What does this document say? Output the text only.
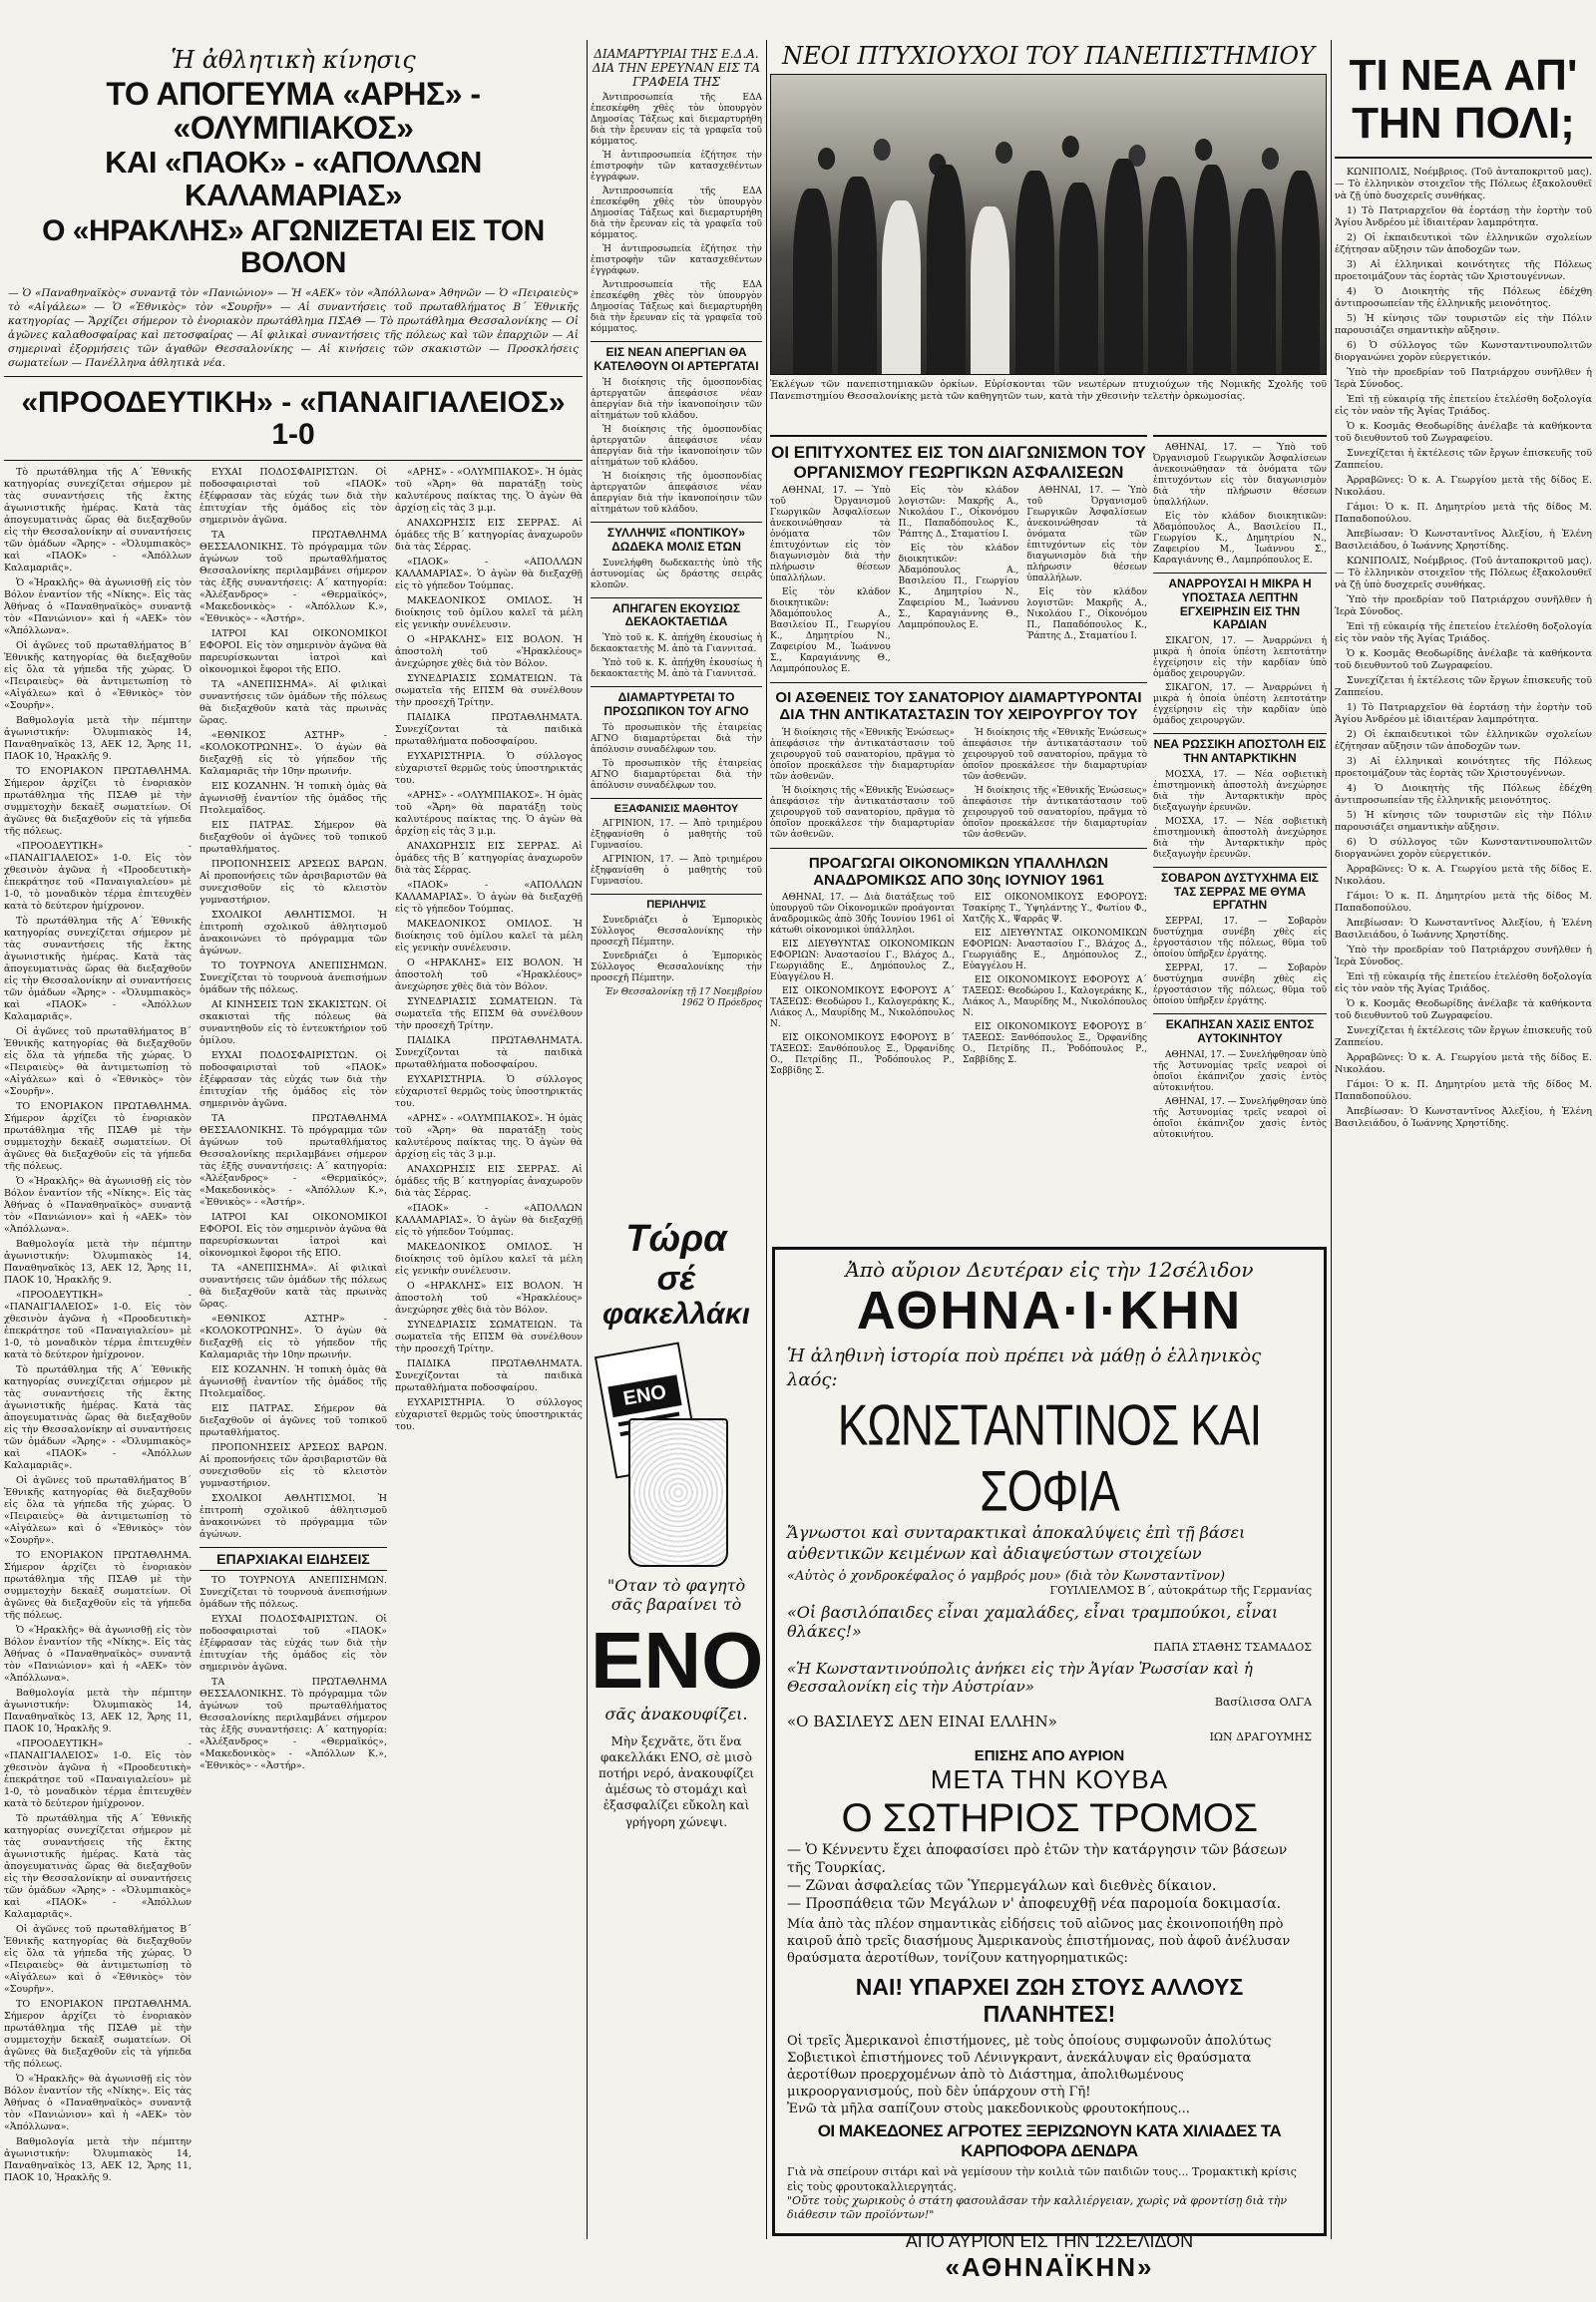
Ἡ ἀθλητικὴ κίνησις
ΤΟ ΑΠΟΓΕΥΜΑ «ΑΡΗΣ» - «ΟΛΥΜΠΙΑΚΟΣ»
ΚΑΙ «ΠΑΟΚ» - «ΑΠΟΛΛΩΝ ΚΑΛΑΜΑΡΙΑΣ»
Ο «ΗΡΑΚΛΗΣ» ΑΓΩΝΙΖΕΤΑΙ ΕΙΣ ΤΟΝ ΒΟΛΟΝ
— Ὁ «Παναθηναϊκὸς» συναντᾷ τὸν «Πανιώνιον» — Ἡ «ΑΕΚ» τὸν «Ἀπόλλωνα» Ἀθηνῶν — Ὁ «Πειραιεὺς» τὸ «Αἰγάλεω» — Ὁ «Ἐθνικὸς» τὸν «Σουρῆν» — Αἱ συναντήσεις τοῦ πρωταθλήματος Β΄ Ἐθνικῆς κατηγορίας — Ἄρχίζει σήμερον τὸ ἐνοριακὸν πρωτάθλημα ΠΣΑΘ — Τὸ πρωτάθλημα Θεσσαλονίκης — Οἱ ἀγῶνες καλαθοσφαίρας καὶ πετοσφαίρας — Αἱ φιλικαὶ συναντήσεις τῆς πόλεως καὶ τῶν ἐπαρχιῶν — Αἱ σημεριναὶ ἐξορμήσεις τῶν ἀγαθῶν Θεσσαλονίκης — Αἱ κινήσεις τῶν σκακιστῶν — Προσκλήσεις σωματείων — Πανέλληνα ἀθλητικὰ νέα.
«ΠΡΟΟΔΕΥΤΙΚΗ» - «ΠΑΝΑΙΓΙΑΛΕΙΟΣ» 1-0

Τὸ πρωτάθλημα τῆς Α΄ Ἐθνικῆς κατηγορίας συνεχίζεται σήμερον μὲ τὰς συναντήσεις τῆς ἕκτης ἀγωνιστικῆς ἡμέρας. Κατὰ τὰς ἀπογευματινὰς ὥρας θὰ διεξαχθοῦν εἰς τὴν Θεσσαλονίκην αἱ συναντήσεις τῶν ὁμάδων «Ἄρης» - «Ὀλυμπιακὸς» καὶ «ΠΑΟΚ» - «Ἀπόλλων Καλαμαριᾶς».

Ὁ «Ἡρακλῆς» θὰ ἀγωνισθῇ εἰς τὸν Βόλον ἐναντίον τῆς «Νίκης». Εἰς τὰς Ἀθήνας ὁ «Παναθηναϊκὸς» συναντᾷ τὸν «Πανιώνιον» καὶ ἡ «ΑΕΚ» τὸν «Ἀπόλλωνα».

Οἱ ἀγῶνες τοῦ πρωταθλήματος Β΄ Ἐθνικῆς κατηγορίας θὰ διεξαχθοῦν εἰς ὅλα τὰ γήπεδα τῆς χώρας. Ὁ «Πειραιεὺς» θὰ ἀντιμετωπίσῃ τὸ «Αἰγάλεω» καὶ ὁ «Ἐθνικὸς» τὸν «Σουρῆν».

Βαθμολογία μετὰ τὴν πέμπτην ἀγωνιστικήν: Ὀλυμπιακὸς 14, Παναθηναϊκὸς 13, ΑΕΚ 12, Ἄρης 11, ΠΑΟΚ 10, Ἡρακλῆς 9.

ΤΟ ΕΝΟΡΙΑΚΟΝ ΠΡΩΤΑΘΛΗΜΑ. Σήμερον ἀρχίζει τὸ ἐνοριακὸν πρωτάθλημα τῆς ΠΣΑΘ μὲ τὴν συμμετοχὴν δεκαὲξ σωματείων. Οἱ ἀγῶνες θὰ διεξαχθοῦν εἰς τὰ γήπεδα τῆς πόλεως.

«ΠΡΟΟΔΕΥΤΙΚΗ» - «ΠΑΝΑΙΓΙΑΛΕΙΟΣ» 1-0. Εἰς τὸν χθεσινὸν ἀγῶνα ἡ «Προοδευτικὴ» ἐπεκράτησε τοῦ «Παναιγιαλείου» μὲ 1-0, τὸ μοναδικὸν τέρμα ἐπιτευχθὲν κατὰ τὸ δεύτερον ἡμίχρονον.

Τὸ πρωτάθλημα τῆς Α΄ Ἐθνικῆς κατηγορίας συνεχίζεται σήμερον μὲ τὰς συναντήσεις τῆς ἕκτης ἀγωνιστικῆς ἡμέρας. Κατὰ τὰς ἀπογευματινὰς ὥρας θὰ διεξαχθοῦν εἰς τὴν Θεσσαλονίκην αἱ συναντήσεις τῶν ὁμάδων «Ἄρης» - «Ὀλυμπιακὸς» καὶ «ΠΑΟΚ» - «Ἀπόλλων Καλαμαριᾶς».

Οἱ ἀγῶνες τοῦ πρωταθλήματος Β΄ Ἐθνικῆς κατηγορίας θὰ διεξαχθοῦν εἰς ὅλα τὰ γήπεδα τῆς χώρας. Ὁ «Πειραιεὺς» θὰ ἀντιμετωπίσῃ τὸ «Αἰγάλεω» καὶ ὁ «Ἐθνικὸς» τὸν «Σουρῆν».

ΤΟ ΕΝΟΡΙΑΚΟΝ ΠΡΩΤΑΘΛΗΜΑ. Σήμερον ἀρχίζει τὸ ἐνοριακὸν πρωτάθλημα τῆς ΠΣΑΘ μὲ τὴν συμμετοχὴν δεκαὲξ σωματείων. Οἱ ἀγῶνες θὰ διεξαχθοῦν εἰς τὰ γήπεδα τῆς πόλεως.

Ὁ «Ἡρακλῆς» θὰ ἀγωνισθῇ εἰς τὸν Βόλον ἐναντίον τῆς «Νίκης». Εἰς τὰς Ἀθήνας ὁ «Παναθηναϊκὸς» συναντᾷ τὸν «Πανιώνιον» καὶ ἡ «ΑΕΚ» τὸν «Ἀπόλλωνα».

Βαθμολογία μετὰ τὴν πέμπτην ἀγωνιστικήν: Ὀλυμπιακὸς 14, Παναθηναϊκὸς 13, ΑΕΚ 12, Ἄρης 11, ΠΑΟΚ 10, Ἡρακλῆς 9.

«ΠΡΟΟΔΕΥΤΙΚΗ» - «ΠΑΝΑΙΓΙΑΛΕΙΟΣ» 1-0. Εἰς τὸν χθεσινὸν ἀγῶνα ἡ «Προοδευτικὴ» ἐπεκράτησε τοῦ «Παναιγιαλείου» μὲ 1-0, τὸ μοναδικὸν τέρμα ἐπιτευχθὲν κατὰ τὸ δεύτερον ἡμίχρονον.

Τὸ πρωτάθλημα τῆς Α΄ Ἐθνικῆς κατηγορίας συνεχίζεται σήμερον μὲ τὰς συναντήσεις τῆς ἕκτης ἀγωνιστικῆς ἡμέρας. Κατὰ τὰς ἀπογευματινὰς ὥρας θὰ διεξαχθοῦν εἰς τὴν Θεσσαλονίκην αἱ συναντήσεις τῶν ὁμάδων «Ἄρης» - «Ὀλυμπιακὸς» καὶ «ΠΑΟΚ» - «Ἀπόλλων Καλαμαριᾶς».

Οἱ ἀγῶνες τοῦ πρωταθλήματος Β΄ Ἐθνικῆς κατηγορίας θὰ διεξαχθοῦν εἰς ὅλα τὰ γήπεδα τῆς χώρας. Ὁ «Πειραιεὺς» θὰ ἀντιμετωπίσῃ τὸ «Αἰγάλεω» καὶ ὁ «Ἐθνικὸς» τὸν «Σουρῆν».

ΤΟ ΕΝΟΡΙΑΚΟΝ ΠΡΩΤΑΘΛΗΜΑ. Σήμερον ἀρχίζει τὸ ἐνοριακὸν πρωτάθλημα τῆς ΠΣΑΘ μὲ τὴν συμμετοχὴν δεκαὲξ σωματείων. Οἱ ἀγῶνες θὰ διεξαχθοῦν εἰς τὰ γήπεδα τῆς πόλεως.

Ὁ «Ἡρακλῆς» θὰ ἀγωνισθῇ εἰς τὸν Βόλον ἐναντίον τῆς «Νίκης». Εἰς τὰς Ἀθήνας ὁ «Παναθηναϊκὸς» συναντᾷ τὸν «Πανιώνιον» καὶ ἡ «ΑΕΚ» τὸν «Ἀπόλλωνα».

Βαθμολογία μετὰ τὴν πέμπτην ἀγωνιστικήν: Ὀλυμπιακὸς 14, Παναθηναϊκὸς 13, ΑΕΚ 12, Ἄρης 11, ΠΑΟΚ 10, Ἡρακλῆς 9.

«ΠΡΟΟΔΕΥΤΙΚΗ» - «ΠΑΝΑΙΓΙΑΛΕΙΟΣ» 1-0. Εἰς τὸν χθεσινὸν ἀγῶνα ἡ «Προοδευτικὴ» ἐπεκράτησε τοῦ «Παναιγιαλείου» μὲ 1-0, τὸ μοναδικὸν τέρμα ἐπιτευχθὲν κατὰ τὸ δεύτερον ἡμίχρονον.

Τὸ πρωτάθλημα τῆς Α΄ Ἐθνικῆς κατηγορίας συνεχίζεται σήμερον μὲ τὰς συναντήσεις τῆς ἕκτης ἀγωνιστικῆς ἡμέρας. Κατὰ τὰς ἀπογευματινὰς ὥρας θὰ διεξαχθοῦν εἰς τὴν Θεσσαλονίκην αἱ συναντήσεις τῶν ὁμάδων «Ἄρης» - «Ὀλυμπιακὸς» καὶ «ΠΑΟΚ» - «Ἀπόλλων Καλαμαριᾶς».

Οἱ ἀγῶνες τοῦ πρωταθλήματος Β΄ Ἐθνικῆς κατηγορίας θὰ διεξαχθοῦν εἰς ὅλα τὰ γήπεδα τῆς χώρας. Ὁ «Πειραιεὺς» θὰ ἀντιμετωπίσῃ τὸ «Αἰγάλεω» καὶ ὁ «Ἐθνικὸς» τὸν «Σουρῆν».

ΤΟ ΕΝΟΡΙΑΚΟΝ ΠΡΩΤΑΘΛΗΜΑ. Σήμερον ἀρχίζει τὸ ἐνοριακὸν πρωτάθλημα τῆς ΠΣΑΘ μὲ τὴν συμμετοχὴν δεκαὲξ σωματείων. Οἱ ἀγῶνες θὰ διεξαχθοῦν εἰς τὰ γήπεδα τῆς πόλεως.

Ὁ «Ἡρακλῆς» θὰ ἀγωνισθῇ εἰς τὸν Βόλον ἐναντίον τῆς «Νίκης». Εἰς τὰς Ἀθήνας ὁ «Παναθηναϊκὸς» συναντᾷ τὸν «Πανιώνιον» καὶ ἡ «ΑΕΚ» τὸν «Ἀπόλλωνα».

Βαθμολογία μετὰ τὴν πέμπτην ἀγωνιστικήν: Ὀλυμπιακὸς 14, Παναθηναϊκὸς 13, ΑΕΚ 12, Ἄρης 11, ΠΑΟΚ 10, Ἡρακλῆς 9.

ΕΥΧΑΙ ΠΟΔΟΣΦΑΙΡΙΣΤΩΝ. Οἱ ποδοσφαιρισταὶ τοῦ «ΠΑΟΚ» ἐξέφρασαν τὰς εὐχάς των διὰ τὴν ἐπιτυχίαν τῆς ὁμάδος εἰς τὸν σημερινὸν ἀγῶνα.

ΤΑ ΠΡΩΤΑΘΛΗΜΑ ΘΕΣΣΑΛΟΝΙΚΗΣ. Τὸ πρόγραμμα τῶν ἀγώνων τοῦ πρωταθλήματος Θεσσαλονίκης περιλαμβάνει σήμερον τὰς ἑξῆς συναντήσεις: Α΄ κατηγορία: «Ἀλέξανδρος» - «Θερμαϊκός», «Μακεδονικὸς» - «Ἀπόλλων Κ.», «Ἐθνικὸς» - «Ἀστήρ».

ΙΑΤΡΟΙ ΚΑΙ ΟΙΚΟΝΟΜΙΚΟΙ ΕΦΟΡΟΙ. Εἰς τὸν σημερινὸν ἀγῶνα θὰ παρευρίσκωνται ἰατροὶ καὶ οἰκονομικοὶ ἔφοροι τῆς ΕΠΟ.

ΤΑ «ΑΝΕΠΙΣΗΜΑ». Αἱ φιλικαὶ συναντήσεις τῶν ὁμάδων τῆς πόλεως θὰ διεξαχθοῦν κατὰ τὰς πρωινὰς ὥρας.

«ΕΘΝΙΚΟΣ ΑΣΤΗΡ» - «ΚΟΛΟΚΟΤΡΩΝΗΣ». Ὁ ἀγὼν θὰ διεξαχθῇ εἰς τὸ γήπεδον τῆς Καλαμαριᾶς τὴν 10ην πρωινήν.

ΕΙΣ ΚΟΖΑΝΗΝ. Ἡ τοπικὴ ὁμὰς θὰ ἀγωνισθῇ ἐναντίον τῆς ὁμάδος τῆς Πτολεμαΐδος.

ΕΙΣ ΠΑΤΡΑΣ. Σήμερον θὰ διεξαχθοῦν οἱ ἀγῶνες τοῦ τοπικοῦ πρωταθλήματος.

ΠΡΟΠΟΝΗΣΕΙΣ ΑΡΣΕΩΣ ΒΑΡΩΝ. Αἱ προπονήσεις τῶν ἀρσιβαριστῶν θὰ συνεχισθοῦν εἰς τὸ κλειστὸν γυμναστήριον.

ΣΧΟΛΙΚΟΙ ΑΘΛΗΤΙΣΜΟΙ. Ἡ ἐπιτροπὴ σχολικοῦ ἀθλητισμοῦ ἀνακοινώνει τὸ πρόγραμμα τῶν ἀγώνων.

ΤΟ ΤΟΥΡΝΟΥΑ ΑΝΕΠΙΣΗΜΩΝ. Συνεχίζεται τὸ τουρνουὰ ἀνεπισήμων ὁμάδων τῆς πόλεως.

ΑΙ ΚΙΝΗΣΕΙΣ ΤΩΝ ΣΚΑΚΙΣΤΩΝ. Οἱ σκακισταὶ τῆς πόλεως θὰ συναντηθοῦν εἰς τὸ ἐντευκτήριον τοῦ ὁμίλου.

ΕΥΧΑΙ ΠΟΔΟΣΦΑΙΡΙΣΤΩΝ. Οἱ ποδοσφαιρισταὶ τοῦ «ΠΑΟΚ» ἐξέφρασαν τὰς εὐχάς των διὰ τὴν ἐπιτυχίαν τῆς ὁμάδος εἰς τὸν σημερινὸν ἀγῶνα.

ΤΑ ΠΡΩΤΑΘΛΗΜΑ ΘΕΣΣΑΛΟΝΙΚΗΣ. Τὸ πρόγραμμα τῶν ἀγώνων τοῦ πρωταθλήματος Θεσσαλονίκης περιλαμβάνει σήμερον τὰς ἑξῆς συναντήσεις: Α΄ κατηγορία: «Ἀλέξανδρος» - «Θερμαϊκός», «Μακεδονικὸς» - «Ἀπόλλων Κ.», «Ἐθνικὸς» - «Ἀστήρ».

ΙΑΤΡΟΙ ΚΑΙ ΟΙΚΟΝΟΜΙΚΟΙ ΕΦΟΡΟΙ. Εἰς τὸν σημερινὸν ἀγῶνα θὰ παρευρίσκωνται ἰατροὶ καὶ οἰκονομικοὶ ἔφοροι τῆς ΕΠΟ.

ΤΑ «ΑΝΕΠΙΣΗΜΑ». Αἱ φιλικαὶ συναντήσεις τῶν ὁμάδων τῆς πόλεως θὰ διεξαχθοῦν κατὰ τὰς πρωινὰς ὥρας.

«ΕΘΝΙΚΟΣ ΑΣΤΗΡ» - «ΚΟΛΟΚΟΤΡΩΝΗΣ». Ὁ ἀγὼν θὰ διεξαχθῇ εἰς τὸ γήπεδον τῆς Καλαμαριᾶς τὴν 10ην πρωινήν.

ΕΙΣ ΚΟΖΑΝΗΝ. Ἡ τοπικὴ ὁμὰς θὰ ἀγωνισθῇ ἐναντίον τῆς ὁμάδος τῆς Πτολεμαΐδος.

ΕΙΣ ΠΑΤΡΑΣ. Σήμερον θὰ διεξαχθοῦν οἱ ἀγῶνες τοῦ τοπικοῦ πρωταθλήματος.

ΠΡΟΠΟΝΗΣΕΙΣ ΑΡΣΕΩΣ ΒΑΡΩΝ. Αἱ προπονήσεις τῶν ἀρσιβαριστῶν θὰ συνεχισθοῦν εἰς τὸ κλειστὸν γυμναστήριον.

ΣΧΟΛΙΚΟΙ ΑΘΛΗΤΙΣΜΟΙ. Ἡ ἐπιτροπὴ σχολικοῦ ἀθλητισμοῦ ἀνακοινώνει τὸ πρόγραμμα τῶν ἀγώνων.

ΕΠΑΡΧΙΑΚΑΙ ΕΙΔΗΣΕΙΣ

ΤΟ ΤΟΥΡΝΟΥΑ ΑΝΕΠΙΣΗΜΩΝ. Συνεχίζεται τὸ τουρνουὰ ἀνεπισήμων ὁμάδων τῆς πόλεως.

ΕΥΧΑΙ ΠΟΔΟΣΦΑΙΡΙΣΤΩΝ. Οἱ ποδοσφαιρισταὶ τοῦ «ΠΑΟΚ» ἐξέφρασαν τὰς εὐχάς των διὰ τὴν ἐπιτυχίαν τῆς ὁμάδος εἰς τὸν σημερινὸν ἀγῶνα.

ΤΑ ΠΡΩΤΑΘΛΗΜΑ ΘΕΣΣΑΛΟΝΙΚΗΣ. Τὸ πρόγραμμα τῶν ἀγώνων τοῦ πρωταθλήματος Θεσσαλονίκης περιλαμβάνει σήμερον τὰς ἑξῆς συναντήσεις: Α΄ κατηγορία: «Ἀλέξανδρος» - «Θερμαϊκός», «Μακεδονικὸς» - «Ἀπόλλων Κ.», «Ἐθνικὸς» - «Ἀστήρ».

«ΑΡΗΣ» - «ΟΛΥΜΠΙΑΚΟΣ». Ἡ ὁμὰς τοῦ «Ἄρη» θὰ παρατάξῃ τοὺς καλυτέρους παίκτας της. Ὁ ἀγὼν θὰ ἀρχίσῃ εἰς τὰς 3 μ.μ.

ΑΝΑΧΩΡΗΣΙΣ ΕΙΣ ΣΕΡΡΑΣ. Αἱ ὁμάδες τῆς Β΄ κατηγορίας ἀναχωροῦν διὰ τὰς Σέρρας.

«ΠΑΟΚ» - «ΑΠΟΛΛΩΝ ΚΑΛΑΜΑΡΙΑΣ». Ὁ ἀγὼν θὰ διεξαχθῇ εἰς τὸ γήπεδον Τούμπας.

ΜΑΚΕΔΟΝΙΚΟΣ ΟΜΙΛΟΣ. Ἡ διοίκησις τοῦ ὁμίλου καλεῖ τὰ μέλη εἰς γενικὴν συνέλευσιν.

Ο «ΗΡΑΚΛΗΣ» ΕΙΣ ΒΟΛΟΝ. Ἡ ἀποστολὴ τοῦ «Ἡρακλέους» ἀνεχώρησε χθὲς διὰ τὸν Βόλον.

ΣΥΝΕΔΡΙΑΣΙΣ ΣΩΜΑΤΕΙΩΝ. Τὰ σωματεῖα τῆς ΕΠΣΜ θὰ συνέλθουν τὴν προσεχῆ Τρίτην.

ΠΑΙΔΙΚΑ ΠΡΩΤΑΘΛΗΜΑΤΑ. Συνεχίζονται τὰ παιδικὰ πρωταθλήματα ποδοσφαίρου.

ΕΥΧΑΡΙΣΤΗΡΙΑ. Ὁ σύλλογος εὐχαριστεῖ θερμῶς τοὺς ὑποστηρικτάς του.

«ΑΡΗΣ» - «ΟΛΥΜΠΙΑΚΟΣ». Ἡ ὁμὰς τοῦ «Ἄρη» θὰ παρατάξῃ τοὺς καλυτέρους παίκτας της. Ὁ ἀγὼν θὰ ἀρχίσῃ εἰς τὰς 3 μ.μ.

ΑΝΑΧΩΡΗΣΙΣ ΕΙΣ ΣΕΡΡΑΣ. Αἱ ὁμάδες τῆς Β΄ κατηγορίας ἀναχωροῦν διὰ τὰς Σέρρας.

«ΠΑΟΚ» - «ΑΠΟΛΛΩΝ ΚΑΛΑΜΑΡΙΑΣ». Ὁ ἀγὼν θὰ διεξαχθῇ εἰς τὸ γήπεδον Τούμπας.

ΜΑΚΕΔΟΝΙΚΟΣ ΟΜΙΛΟΣ. Ἡ διοίκησις τοῦ ὁμίλου καλεῖ τὰ μέλη εἰς γενικὴν συνέλευσιν.

Ο «ΗΡΑΚΛΗΣ» ΕΙΣ ΒΟΛΟΝ. Ἡ ἀποστολὴ τοῦ «Ἡρακλέους» ἀνεχώρησε χθὲς διὰ τὸν Βόλον.

ΣΥΝΕΔΡΙΑΣΙΣ ΣΩΜΑΤΕΙΩΝ. Τὰ σωματεῖα τῆς ΕΠΣΜ θὰ συνέλθουν τὴν προσεχῆ Τρίτην.

ΠΑΙΔΙΚΑ ΠΡΩΤΑΘΛΗΜΑΤΑ. Συνεχίζονται τὰ παιδικὰ πρωταθλήματα ποδοσφαίρου.

ΕΥΧΑΡΙΣΤΗΡΙΑ. Ὁ σύλλογος εὐχαριστεῖ θερμῶς τοὺς ὑποστηρικτάς του.

«ΑΡΗΣ» - «ΟΛΥΜΠΙΑΚΟΣ». Ἡ ὁμὰς τοῦ «Ἄρη» θὰ παρατάξῃ τοὺς καλυτέρους παίκτας της. Ὁ ἀγὼν θὰ ἀρχίσῃ εἰς τὰς 3 μ.μ.

ΑΝΑΧΩΡΗΣΙΣ ΕΙΣ ΣΕΡΡΑΣ. Αἱ ὁμάδες τῆς Β΄ κατηγορίας ἀναχωροῦν διὰ τὰς Σέρρας.

«ΠΑΟΚ» - «ΑΠΟΛΛΩΝ ΚΑΛΑΜΑΡΙΑΣ». Ὁ ἀγὼν θὰ διεξαχθῇ εἰς τὸ γήπεδον Τούμπας.

ΜΑΚΕΔΟΝΙΚΟΣ ΟΜΙΛΟΣ. Ἡ διοίκησις τοῦ ὁμίλου καλεῖ τὰ μέλη εἰς γενικὴν συνέλευσιν.

Ο «ΗΡΑΚΛΗΣ» ΕΙΣ ΒΟΛΟΝ. Ἡ ἀποστολὴ τοῦ «Ἡρακλέους» ἀνεχώρησε χθὲς διὰ τὸν Βόλον.

ΣΥΝΕΔΡΙΑΣΙΣ ΣΩΜΑΤΕΙΩΝ. Τὰ σωματεῖα τῆς ΕΠΣΜ θὰ συνέλθουν τὴν προσεχῆ Τρίτην.

ΠΑΙΔΙΚΑ ΠΡΩΤΑΘΛΗΜΑΤΑ. Συνεχίζονται τὰ παιδικὰ πρωταθλήματα ποδοσφαίρου.

ΕΥΧΑΡΙΣΤΗΡΙΑ. Ὁ σύλλογος εὐχαριστεῖ θερμῶς τοὺς ὑποστηρικτάς του.

ΔΙΑΜΑΡΤΥΡΙΑΙ ΤΗΣ Ε.Δ.Α. ΔΙΑ ΤΗΝ ΕΡΕΥΝΑΝ ΕΙΣ ΤΑ ΓΡΑΦΕΙΑ ΤΗΣ

Ἀντιπροσωπεία τῆς ΕΔΑ ἐπεσκέφθη χθὲς τὸν ὑπουργὸν Δημοσίας Τάξεως καὶ διεμαρτυρήθη διὰ τὴν ἔρευναν εἰς τὰ γραφεῖα τοῦ κόμματος.

Ἡ ἀντιπροσωπεία ἐζήτησε τὴν ἐπιστροφὴν τῶν κατασχεθέντων ἐγγράφων.

Ἀντιπροσωπεία τῆς ΕΔΑ ἐπεσκέφθη χθὲς τὸν ὑπουργὸν Δημοσίας Τάξεως καὶ διεμαρτυρήθη διὰ τὴν ἔρευναν εἰς τὰ γραφεῖα τοῦ κόμματος.

Ἡ ἀντιπροσωπεία ἐζήτησε τὴν ἐπιστροφὴν τῶν κατασχεθέντων ἐγγράφων.

Ἀντιπροσωπεία τῆς ΕΔΑ ἐπεσκέφθη χθὲς τὸν ὑπουργὸν Δημοσίας Τάξεως καὶ διεμαρτυρήθη διὰ τὴν ἔρευναν εἰς τὰ γραφεῖα τοῦ κόμματος.

ΕΙΣ ΝΕΑΝ ΑΠΕΡΓΙΑΝ ΘΑ ΚΑΤΕΛΘΟΥΝ ΟΙ ΑΡΤΕΡΓΑΤΑΙ

Ἡ διοίκησις τῆς ὁμοσπονδίας ἀρτεργατῶν ἀπεφάσισε νέαν ἀπεργίαν διὰ τὴν ἱκανοποίησιν τῶν αἰτημάτων τοῦ κλάδου.

Ἡ διοίκησις τῆς ὁμοσπονδίας ἀρτεργατῶν ἀπεφάσισε νέαν ἀπεργίαν διὰ τὴν ἱκανοποίησιν τῶν αἰτημάτων τοῦ κλάδου.

Ἡ διοίκησις τῆς ὁμοσπονδίας ἀρτεργατῶν ἀπεφάσισε νέαν ἀπεργίαν διὰ τὴν ἱκανοποίησιν τῶν αἰτημάτων τοῦ κλάδου.

ΣΥΛΛΗΨΙΣ «ΠΟΝΤΙΚΟΥ» ΔΩΔΕΚΑ ΜΟΛΙΣ ΕΤΩΝ

Συνελήφθη δωδεκαετὴς ὑπὸ τῆς ἀστυνομίας ὡς δράστης σειρᾶς κλοπῶν.

ΑΠΗΓΑΓΕΝ ΕΚΟΥΣΙΩΣ ΔΕΚΑΟΚΤΑΕΤΙΔΑ

Ὑπὸ τοῦ κ. Κ. ἀπήχθη ἑκουσίως ἡ δεκαοκταετὴς Μ. ἀπὸ τὰ Γιαννιτσά.

Ὑπὸ τοῦ κ. Κ. ἀπήχθη ἑκουσίως ἡ δεκαοκταετὴς Μ. ἀπὸ τὰ Γιαννιτσά.

ΔΙΑΜΑΡΤΥΡΕΤΑΙ ΤΟ ΠΡΟΣΩΠΙΚΟΝ ΤΟΥ ΑΓΝΟ

Τὸ προσωπικὸν τῆς ἑταιρείας ΑΓΝΟ διαμαρτύρεται διὰ τὴν ἀπόλυσιν συναδέλφων του.

Τὸ προσωπικὸν τῆς ἑταιρείας ΑΓΝΟ διαμαρτύρεται διὰ τὴν ἀπόλυσιν συναδέλφων του.

ΕΞΑΦΑΝΙΣΙΣ ΜΑΘΗΤΟΥ

ΑΓΡΙΝΙΟΝ, 17. — Ἀπὸ τριημέρου ἐξηφανίσθη ὁ μαθητὴς τοῦ Γυμνασίου.

ΑΓΡΙΝΙΟΝ, 17. — Ἀπὸ τριημέρου ἐξηφανίσθη ὁ μαθητὴς τοῦ Γυμνασίου.

ΠΕΡΙΛΗΨΙΣ

Συνεδριάζει ὁ Ἐμπορικὸς Σύλλογος Θεσσαλονίκης τὴν προσεχῆ Πέμπτην.

Συνεδριάζει ὁ Ἐμπορικὸς Σύλλογος Θεσσαλονίκης τὴν προσεχῆ Πέμπτην.

Ἐν Θεσσαλονίκῃ τῇ 17 Νοεμβρίου 1962 Ὁ Πρόεδρος

Τώρα
σέ
φακελλάκι
ENO
"Οταν τὸ φαγητὸ σᾶς βαραίνει τὸ
ENO
σᾶς ἀνακουφίζει.
Μὴν ξεχνᾶτε, ὅτι ἕνα φακελλάκι ENO, σὲ μισὸ ποτήρι νερό, ἀνακουφίζει ἀμέσως τὸ στομάχι καὶ ἐξασφαλίζει εὔκολη καὶ γρήγορη χώνεψι.
ΝΕΟΙ ΠΤΥΧΙΟΥΧΟΙ ΤΟΥ ΠΑΝΕΠΙΣΤΗΜΙΟΥ
Ἐκλέγων τῶν πανεπιστημιακῶν ὁρκίων. Εὑρίσκονται τῶν νεωτέρων πτυχιούχων τῆς Νομικῆς Σχολῆς τοῦ Πανεπιστημίου Θεσσαλονίκης μετὰ τῶν καθηγητῶν των, κατὰ τὴν χθεσινὴν τελετὴν ὁρκωμοσίας.
ΟΙ ΕΠΙΤΥΧΟΝΤΕΣ ΕΙΣ ΤΟΝ ΔΙΑΓΩΝΙΣΜΟΝ ΤΟΥ ΟΡΓΑΝΙΣΜΟΥ ΓΕΩΡΓΙΚΩΝ ΑΣΦΑΛΙΣΕΩΝ

ΑΘΗΝΑΙ, 17. — Ὑπὸ τοῦ Ὀργανισμοῦ Γεωργικῶν Ἀσφαλίσεων ἀνεκοινώθησαν τὰ ὀνόματα τῶν ἐπιτυχόντων εἰς τὸν διαγωνισμὸν διὰ τὴν πλήρωσιν θέσεων ὑπαλλήλων.

Εἰς τὸν κλάδον διοικητικῶν: Ἀδαμόπουλος Α., Βασιλείου Π., Γεωργίου Κ., Δημητρίου Ν., Ζαφειρίου Μ., Ἰωάννου Σ., Καραγιάννης Θ., Λαμπρόπουλος Ε.

Εἰς τὸν κλάδον λογιστῶν: Μακρῆς Α., Νικολάου Γ., Οἰκονόμου Π., Παπαδόπουλος Κ., Ῥάπτης Δ., Σταματίου Ι.

Εἰς τὸν κλάδον διοικητικῶν: Ἀδαμόπουλος Α., Βασιλείου Π., Γεωργίου Κ., Δημητρίου Ν., Ζαφειρίου Μ., Ἰωάννου Σ., Καραγιάννης Θ., Λαμπρόπουλος Ε.

ΑΘΗΝΑΙ, 17. — Ὑπὸ τοῦ Ὀργανισμοῦ Γεωργικῶν Ἀσφαλίσεων ἀνεκοινώθησαν τὰ ὀνόματα τῶν ἐπιτυχόντων εἰς τὸν διαγωνισμὸν διὰ τὴν πλήρωσιν θέσεων ὑπαλλήλων.

Εἰς τὸν κλάδον λογιστῶν: Μακρῆς Α., Νικολάου Γ., Οἰκονόμου Π., Παπαδόπουλος Κ., Ῥάπτης Δ., Σταματίου Ι.

ΟΙ ΑΣΘΕΝΕΙΣ ΤΟΥ ΣΑΝΑΤΟΡΙΟΥ ΔΙΑΜΑΡΤΥΡΟΝΤΑΙ ΔΙΑ ΤΗΝ ΑΝΤΙΚΑΤΑΣΤΑΣΙΝ ΤΟΥ ΧΕΙΡΟΥΡΓΟΥ ΤΟΥ

Ἡ διοίκησις τῆς «Ἐθνικῆς Ἑνώσεως» ἀπεφάσισε τὴν ἀντικατάστασιν τοῦ χειρουργοῦ τοῦ σανατορίου, πρᾶγμα τὸ ὁποῖον προεκάλεσε τὴν διαμαρτυρίαν τῶν ἀσθενῶν.

Ἡ διοίκησις τῆς «Ἐθνικῆς Ἑνώσεως» ἀπεφάσισε τὴν ἀντικατάστασιν τοῦ χειρουργοῦ τοῦ σανατορίου, πρᾶγμα τὸ ὁποῖον προεκάλεσε τὴν διαμαρτυρίαν τῶν ἀσθενῶν.

Ἡ διοίκησις τῆς «Ἐθνικῆς Ἑνώσεως» ἀπεφάσισε τὴν ἀντικατάστασιν τοῦ χειρουργοῦ τοῦ σανατορίου, πρᾶγμα τὸ ὁποῖον προεκάλεσε τὴν διαμαρτυρίαν τῶν ἀσθενῶν.

Ἡ διοίκησις τῆς «Ἐθνικῆς Ἑνώσεως» ἀπεφάσισε τὴν ἀντικατάστασιν τοῦ χειρουργοῦ τοῦ σανατορίου, πρᾶγμα τὸ ὁποῖον προεκάλεσε τὴν διαμαρτυρίαν τῶν ἀσθενῶν.

ΠΡΟΑΓΩΓΑΙ ΟΙΚΟΝΟΜΙΚΩΝ ΥΠΑΛΛΗΛΩΝ ΑΝΑΔΡΟΜΙΚΩΣ ΑΠΟ 30ης ΙΟΥΝΙΟΥ 1961

ΑΘΗΝΑΙ, 17. — Διὰ διατάξεως τοῦ ὑπουργοῦ τῶν Οἰκονομικῶν προάγονται ἀναδρομικῶς ἀπὸ 30ῆς Ἰουνίου 1961 οἱ κάτωθι οἰκονομικοὶ ὑπάλληλοι.

ΕΙΣ ΔΙΕΥΘΥΝΤΑΣ ΟΙΚΟΝΟΜΙΚΩΝ ΕΦΟΡΙΩΝ: Ἀναστασίου Γ., Βλάχος Δ., Γεωργιάδης Ε., Δημόπουλος Ζ., Εὐαγγέλου Η.

ΕΙΣ ΟΙΚΟΝΟΜΙΚΟΥΣ ΕΦΟΡΟΥΣ Α΄ ΤΑΞΕΩΣ: Θεοδώρου Ι., Καλογεράκης Κ., Λιάκος Λ., Μαυρίδης Μ., Νικολόπουλος Ν.

ΕΙΣ ΟΙΚΟΝΟΜΙΚΟΥΣ ΕΦΟΡΟΥΣ Β΄ ΤΑΞΕΩΣ: Ξανθόπουλος Ξ., Ὀρφανίδης Ο., Πετρίδης Π., Ῥοδόπουλος Ρ., Σαββίδης Σ.

ΕΙΣ ΟΙΚΟΝΟΜΙΚΟΥΣ ΕΦΟΡΟΥΣ: Τσακίρης Τ., Ὑψηλάντης Υ., Φωτίου Φ., Χατζῆς Χ., Ψαρρᾶς Ψ.

ΕΙΣ ΔΙΕΥΘΥΝΤΑΣ ΟΙΚΟΝΟΜΙΚΩΝ ΕΦΟΡΙΩΝ: Ἀναστασίου Γ., Βλάχος Δ., Γεωργιάδης Ε., Δημόπουλος Ζ., Εὐαγγέλου Η.

ΕΙΣ ΟΙΚΟΝΟΜΙΚΟΥΣ ΕΦΟΡΟΥΣ Α΄ ΤΑΞΕΩΣ: Θεοδώρου Ι., Καλογεράκης Κ., Λιάκος Λ., Μαυρίδης Μ., Νικολόπουλος Ν.

ΕΙΣ ΟΙΚΟΝΟΜΙΚΟΥΣ ΕΦΟΡΟΥΣ Β΄ ΤΑΞΕΩΣ: Ξανθόπουλος Ξ., Ὀρφανίδης Ο., Πετρίδης Π., Ῥοδόπουλος Ρ., Σαββίδης Σ.

ΑΘΗΝΑΙ, 17. — Ὑπὸ τοῦ Ὀργανισμοῦ Γεωργικῶν Ἀσφαλίσεων ἀνεκοινώθησαν τὰ ὀνόματα τῶν ἐπιτυχόντων εἰς τὸν διαγωνισμὸν διὰ τὴν πλήρωσιν θέσεων ὑπαλλήλων.

Εἰς τὸν κλάδον διοικητικῶν: Ἀδαμόπουλος Α., Βασιλείου Π., Γεωργίου Κ., Δημητρίου Ν., Ζαφειρίου Μ., Ἰωάννου Σ., Καραγιάννης Θ., Λαμπρόπουλος Ε.

ΑΝΑΡΡΟΥΣΑΙ Η ΜΙΚΡΑ Η ΥΠΟΣΤΑΣΑ ΛΕΠΤΗΝ ΕΓΧΕΙΡΗΣΙΝ ΕΙΣ ΤΗΝ ΚΑΡΔΙΑΝ

ΣΙΚΑΓΟΝ, 17. — Ἀναρρώνει ἡ μικρὰ ἡ ὁποία ὑπέστη λεπτοτάτην ἐγχείρησιν εἰς τὴν καρδίαν ὑπὸ ὁμάδος χειρουργῶν.

ΣΙΚΑΓΟΝ, 17. — Ἀναρρώνει ἡ μικρὰ ἡ ὁποία ὑπέστη λεπτοτάτην ἐγχείρησιν εἰς τὴν καρδίαν ὑπὸ ὁμάδος χειρουργῶν.

ΝΕΑ ΡΩΣΣΙΚΗ ΑΠΟΣΤΟΛΗ ΕΙΣ ΤΗΝ ΑΝΤΑΡΚΤΙΚΗΝ

ΜΟΣΧΑ, 17. — Νέα σοβιετικὴ ἐπιστημονικὴ ἀποστολὴ ἀνεχώρησε διὰ τὴν Ἀνταρκτικὴν πρὸς διεξαγωγὴν ἐρευνῶν.

ΜΟΣΧΑ, 17. — Νέα σοβιετικὴ ἐπιστημονικὴ ἀποστολὴ ἀνεχώρησε διὰ τὴν Ἀνταρκτικὴν πρὸς διεξαγωγὴν ἐρευνῶν.

ΣΟΒΑΡΟΝ ΔΥΣΤΥΧΗΜΑ ΕΙΣ ΤΑΣ ΣΕΡΡΑΣ ΜΕ ΘΥΜΑ ΕΡΓΑΤΗΝ

ΣΕΡΡΑΙ, 17. — Σοβαρὸν δυστύχημα συνέβη χθὲς εἰς ἐργοστάσιον τῆς πόλεως, θῦμα τοῦ ὁποίου ὑπῆρξεν ἐργάτης.

ΣΕΡΡΑΙ, 17. — Σοβαρὸν δυστύχημα συνέβη χθὲς εἰς ἐργοστάσιον τῆς πόλεως, θῦμα τοῦ ὁποίου ὑπῆρξεν ἐργάτης.

ΕΚΑΠΗΣΑΝ ΧΑΣΙΣ ΕΝΤΟΣ ΑΥΤΟΚΙΝΗΤΟΥ

ΑΘΗΝΑΙ, 17. — Συνελήφθησαν ὑπὸ τῆς Ἀστυνομίας τρεῖς νεαροὶ οἱ ὁποῖοι ἐκάπνιζον χασὶς ἐντὸς αὐτοκινήτου.

ΑΘΗΝΑΙ, 17. — Συνελήφθησαν ὑπὸ τῆς Ἀστυνομίας τρεῖς νεαροὶ οἱ ὁποῖοι ἐκάπνιζον χασὶς ἐντὸς αὐτοκινήτου.

Ἀπὸ αὔριον Δευτέραν εἰς τὴν 12σέλιδον
ΑΘΗΝΑ·Ι·ΚΗΝ
Ἡ ἀληθινὴ ἱστορία ποὺ πρέπει νὰ μάθῃ ὁ ἑλληνικὸς λαός:
ΚΩΝΣΤΑΝΤΙΝΟΣ ΚΑΙ ΣΟΦΙΑ
Ἄγνωστοι καὶ συνταρακτικαὶ ἀποκαλύψεις ἐπὶ τῇ βάσει αὐθεντικῶν κειμένων καὶ ἀδιαψεύστων στοιχείων
«Αὐτὸς ὁ χονδροκέφαλος ὁ γαμβρός μου» (διὰ τὸν Κωνσταντῖνον)
ΓΟΥΙΛΙΕΛΜΟΣ Β΄, αὐτοκράτωρ τῆς Γερμανίας
«Οἱ βασιλόπαιδες εἶναι χαμαλάδες, εἶναι τραμπούκοι, εἶναι θλάκες!»
ΠΑΠΑ ΣΤΑΘΗΣ ΤΣΑΜΑΔΟΣ
«Ἡ Κωνσταντινούπολις ἀνήκει εἰς τὴν Ἁγίαν Ῥωσσίαν καὶ ἡ Θεσσαλονίκη εἰς τὴν Αὐστρίαν»
Βασίλισσα ΟΛΓΑ
«Ο ΒΑΣΙΛΕΥΣ ΔΕΝ ΕΙΝΑΙ ΕΛΛΗΝ»
ΙΩΝ ΔΡΑΓΟΥΜΗΣ
ΕΠΙΣΗΣ ΑΠΟ ΑΥΡΙΟΝ
ΜΕΤΑ ΤΗΝ ΚΟΥΒΑ
Ο ΣΩΤΗΡΙΟΣ ΤΡΟΜΟΣ
— Ὁ Κέννεντυ ἔχει ἀποφασίσει πρὸ ἐτῶν τὴν κατάργησιν τῶν βάσεων τῆς Τουρκίας.
— Ζῶναι ἀσφαλείας τῶν Ὑπερμεγάλων καὶ διεθνὲς δίκαιον.
— Προσπάθεια τῶν Μεγάλων ν' ἀποφευχθῇ νέα παρομοία δοκιμασία.
Μία ἀπὸ τὰς πλέον σημαντικὰς εἰδήσεις τοῦ αἰῶνος μας ἐκοινοποιήθη πρὸ καιροῦ ἀπὸ τρεῖς διασήμους Ἀμερικανοὺς ἐπιστήμονας, ποὺ ἀφοῦ ἀνέλυσαν θραύσματα ἀεροτίθων, τονίζουν κατηγορηματικῶς:
ΝΑΙ! ΥΠΑΡΧΕΙ ΖΩΗ ΣΤΟΥΣ ΑΛΛΟΥΣ ΠΛΑΝΗΤΕΣ!
Οἱ τρεῖς Ἀμερικανοὶ ἐπιστήμονες, μὲ τοὺς ὁποίους συμφωνοῦν ἀπολύτως Σοβιετικοὶ ἐπιστήμονες τοῦ Λένινγκραντ, ἀνεκάλυψαν εἰς θραύσματα ἀεροτίθων προερχομένων ἀπὸ τὸ Διάστημα, ἀπολιθωμένους μικροοργανισμούς, ποὺ δὲν ὑπάρχουν στὴ Γῆ!
Ἐνῶ τὰ μῆλα σαπίζουν στοὺς μακεδονικοὺς φρουτοκήπους...
ΟΙ ΜΑΚΕΔΟΝΕΣ ΑΓΡΟΤΕΣ ΞΕΡΙΖΩΝΟΥΝ ΚΑΤΑ ΧΙΛΙΑΔΕΣ ΤΑ ΚΑΡΠΟΦΟΡΑ ΔΕΝΔΡΑ
Γιὰ νὰ σπείρουν σιτάρι καὶ νὰ γεμίσουν τὴν κοιλιὰ τῶν παιδιῶν τους... Τρομακτικὴ κρίσις εἰς τοὺς φρουτοκαλλιεργητάς.
"Οὔτε τοὺς χωρικοὺς ὁ στάτη φασουλᾶσαν τὴν καλλιέργειαν, χωρὶς νὰ φροντίσῃ διὰ τὴν διάθεσιν τῶν προϊόντων!"
ΑΠΟ ΑΥΡΙΟΝ ΕΙΣ ΤΗΝ 12ΣΕΛΙΔΟΝ
«ΑΘΗΝΑΪΚΗΝ»
ΤΙ ΝΕΑ ΑΠ' ΤΗΝ ΠΟΛΙ;

ΚΩΝΙΠΟΛΙΣ, Νοέμβριος. (Τοῦ ἀνταποκριτοῦ μας). — Τὸ ἑλληνικὸν στοιχεῖον τῆς Πόλεως ἐξακολουθεῖ νὰ ζῇ ὑπὸ δυσχερεῖς συνθήκας.

1) Τὸ Πατριαρχεῖον θὰ ἑορτάσῃ τὴν ἑορτὴν τοῦ Ἁγίου Ἀνδρέου μὲ ἰδιαιτέραν λαμπρότητα.

2) Οἱ ἐκπαιδευτικοὶ τῶν ἑλληνικῶν σχολείων ἐζήτησαν αὔξησιν τῶν ἀποδοχῶν των.

3) Αἱ ἑλληνικαὶ κοινότητες τῆς Πόλεως προετοιμάζουν τὰς ἑορτὰς τῶν Χριστουγέννων.

4) Ὁ Διοικητὴς τῆς Πόλεως ἐδέχθη ἀντιπροσωπείαν τῆς ἑλληνικῆς μειονότητος.

5) Ἡ κίνησις τῶν τουριστῶν εἰς τὴν Πόλιν παρουσιάζει σημαντικὴν αὔξησιν.

6) Ὁ σύλλογος τῶν Κωνσταντινουπολιτῶν διοργανώνει χορὸν εὐεργετικόν.

Ὑπὸ τὴν προεδρίαν τοῦ Πατριάρχου συνῆλθεν ἡ Ἱερὰ Σύνοδος.

Ἐπὶ τῇ εὐκαιρίᾳ τῆς ἐπετείου ἐτελέσθη δοξολογία εἰς τὸν ναὸν τῆς Ἁγίας Τριάδος.

Ὁ κ. Κοσμᾶς Θεοδωρίδης ἀνέλαβε τὰ καθήκοντα τοῦ διευθυντοῦ τοῦ Ζωγραφείου.

Συνεχίζεται ἡ ἐκτέλεσις τῶν ἔργων ἐπισκευῆς τοῦ Ζαππείου.

Ἀρραβῶνες: Ὁ κ. Α. Γεωργίου μετὰ τῆς δίδος Ε. Νικολάου.

Γάμοι: Ὁ κ. Π. Δημητρίου μετὰ τῆς δίδος Μ. Παπαδοπούλου.

Ἀπεβίωσαν: Ὁ Κωνσταντῖνος Ἀλεξίου, ἡ Ἑλένη Βασιλειάδου, ὁ Ἰωάννης Χρηστίδης.

ΚΩΝΙΠΟΛΙΣ, Νοέμβριος. (Τοῦ ἀνταποκριτοῦ μας). — Τὸ ἑλληνικὸν στοιχεῖον τῆς Πόλεως ἐξακολουθεῖ νὰ ζῇ ὑπὸ δυσχερεῖς συνθήκας.

Ὑπὸ τὴν προεδρίαν τοῦ Πατριάρχου συνῆλθεν ἡ Ἱερὰ Σύνοδος.

Ἐπὶ τῇ εὐκαιρίᾳ τῆς ἐπετείου ἐτελέσθη δοξολογία εἰς τὸν ναὸν τῆς Ἁγίας Τριάδος.

Ὁ κ. Κοσμᾶς Θεοδωρίδης ἀνέλαβε τὰ καθήκοντα τοῦ διευθυντοῦ τοῦ Ζωγραφείου.

Συνεχίζεται ἡ ἐκτέλεσις τῶν ἔργων ἐπισκευῆς τοῦ Ζαππείου.

1) Τὸ Πατριαρχεῖον θὰ ἑορτάσῃ τὴν ἑορτὴν τοῦ Ἁγίου Ἀνδρέου μὲ ἰδιαιτέραν λαμπρότητα.

2) Οἱ ἐκπαιδευτικοὶ τῶν ἑλληνικῶν σχολείων ἐζήτησαν αὔξησιν τῶν ἀποδοχῶν των.

3) Αἱ ἑλληνικαὶ κοινότητες τῆς Πόλεως προετοιμάζουν τὰς ἑορτὰς τῶν Χριστουγέννων.

4) Ὁ Διοικητὴς τῆς Πόλεως ἐδέχθη ἀντιπροσωπείαν τῆς ἑλληνικῆς μειονότητος.

5) Ἡ κίνησις τῶν τουριστῶν εἰς τὴν Πόλιν παρουσιάζει σημαντικὴν αὔξησιν.

6) Ὁ σύλλογος τῶν Κωνσταντινουπολιτῶν διοργανώνει χορὸν εὐεργετικόν.

Ἀρραβῶνες: Ὁ κ. Α. Γεωργίου μετὰ τῆς δίδος Ε. Νικολάου.

Γάμοι: Ὁ κ. Π. Δημητρίου μετὰ τῆς δίδος Μ. Παπαδοπούλου.

Ἀπεβίωσαν: Ὁ Κωνσταντῖνος Ἀλεξίου, ἡ Ἑλένη Βασιλειάδου, ὁ Ἰωάννης Χρηστίδης.

Ὑπὸ τὴν προεδρίαν τοῦ Πατριάρχου συνῆλθεν ἡ Ἱερὰ Σύνοδος.

Ἐπὶ τῇ εὐκαιρίᾳ τῆς ἐπετείου ἐτελέσθη δοξολογία εἰς τὸν ναὸν τῆς Ἁγίας Τριάδος.

Ὁ κ. Κοσμᾶς Θεοδωρίδης ἀνέλαβε τὰ καθήκοντα τοῦ διευθυντοῦ τοῦ Ζωγραφείου.

Συνεχίζεται ἡ ἐκτέλεσις τῶν ἔργων ἐπισκευῆς τοῦ Ζαππείου.

Ἀρραβῶνες: Ὁ κ. Α. Γεωργίου μετὰ τῆς δίδος Ε. Νικολάου.

Γάμοι: Ὁ κ. Π. Δημητρίου μετὰ τῆς δίδος Μ. Παπαδοπούλου.

Ἀπεβίωσαν: Ὁ Κωνσταντῖνος Ἀλεξίου, ἡ Ἑλένη Βασιλειάδου, ὁ Ἰωάννης Χρηστίδης.
